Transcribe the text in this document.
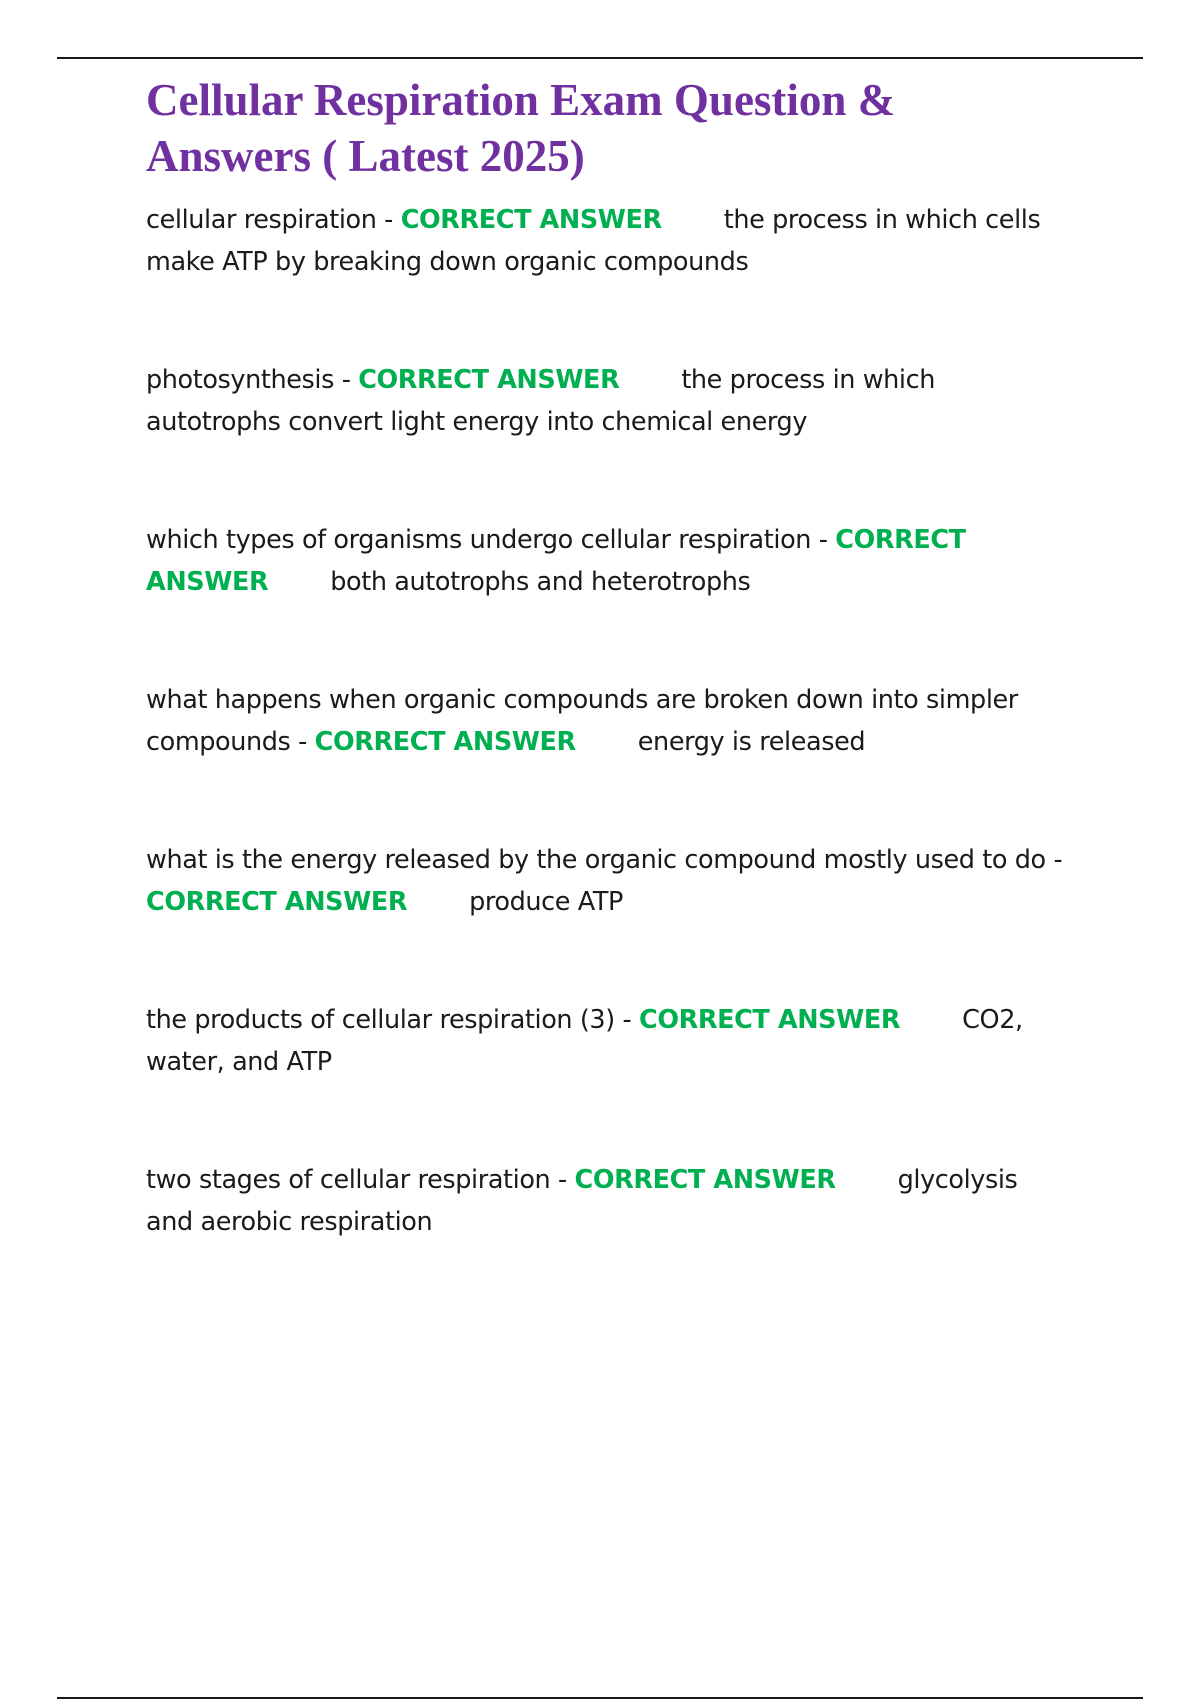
Cellular Respiration Exam Question & Answers ( Latest 2025)

cellular respiration - CORRECT ANSWER the process in which cells make ATP by breaking down organic compounds

photosynthesis - CORRECT ANSWER the process in which autotrophs convert light energy into chemical energy

which types of organisms undergo cellular respiration - CORRECT ANSWER both autotrophs and heterotrophs

what happens when organic compounds are broken down into simpler compounds - CORRECT ANSWER energy is released

what is the energy released by the organic compound mostly used to do - CORRECT ANSWER produce ATP

the products of cellular respiration (3) - CORRECT ANSWER CO2, water, and ATP

two stages of cellular respiration - CORRECT ANSWER glycolysis and aerobic respiration
